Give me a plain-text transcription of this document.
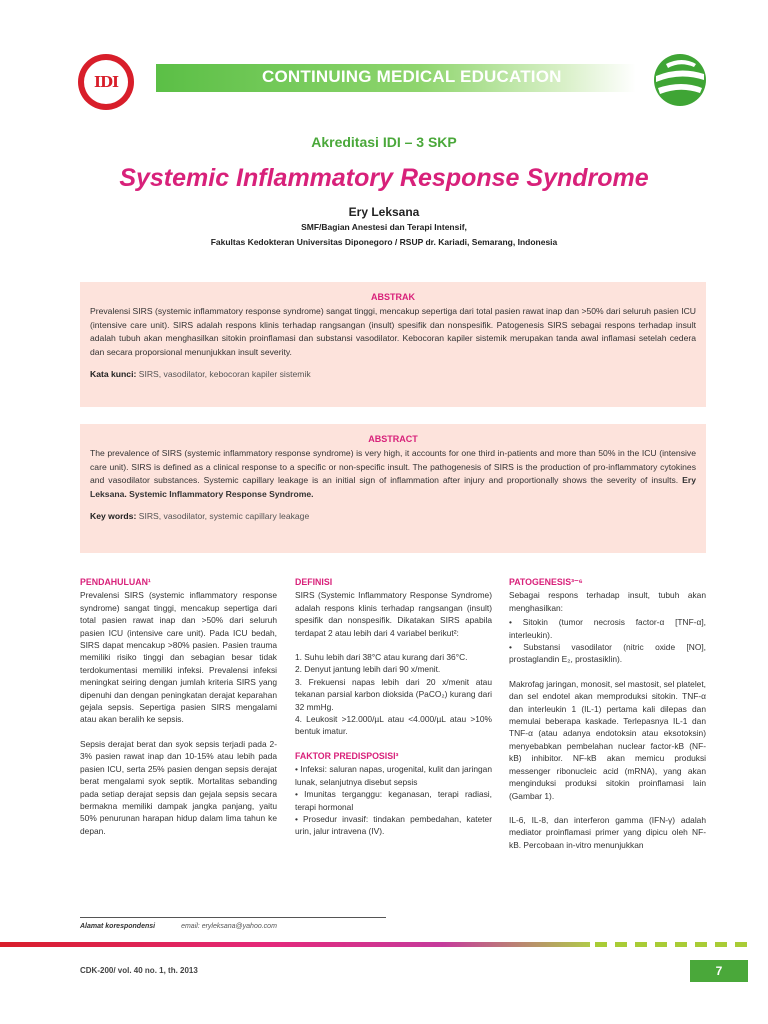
IDI	CONTINUING MEDICAL EDUCATION
Akreditasi IDI – 3 SKP
Systemic Inflammatory Response Syndrome
Ery Leksana
SMF/Bagian Anestesi dan Terapi Intensif,
Fakultas Kedokteran Universitas Diponegoro / RSUP dr. Kariadi, Semarang, Indonesia
ABSTRAK
Prevalensi SIRS (systemic inflammatory response syndrome) sangat tinggi, mencakup sepertiga dari total pasien rawat inap dan >50% dari seluruh pasien ICU (intensive care unit). SIRS adalah respons klinis terhadap rangsangan (insult) spesifik dan nonspesifik. Patogenesis SIRS sebagai respons terhadap insult adalah tubuh akan menghasilkan sitokin proinflamasi dan substansi vasodilator. Kebocoran kapiler sistemik merupakan tanda awal inflamasi setelah cedera dan secara proporsional menunjukkan insult severity.
Kata kunci: SIRS, vasodilator, kebocoran kapiler sistemik
ABSTRACT
The prevalence of SIRS (systemic inflammatory response syndrome) is very high, it accounts for one third in-patients and more than 50% in the ICU (intensive care unit). SIRS is defined as a clinical response to a specific or non-specific insult. The pathogenesis of SIRS is the production of pro-inflammatory cytokines and vasodilator substances. Systemic capillary leakage is an initial sign of inflammation after injury and proportionally shows the severity of insults. Ery Leksana. Systemic Inflammatory Response Syndrome.
Key words: SIRS, vasodilator, systemic capillary leakage
PENDAHULUAN¹

Prevalensi SIRS (systemic inflammatory response syndrome) sangat tinggi, mencakup sepertiga dari total pasien rawat inap dan >50% dari seluruh pasien ICU (intensive care unit). Pada ICU bedah, SIRS dapat mencakup >80% pasien. Pasien trauma memiliki risiko tinggi dan sebagian besar tidak terdokumentasi memiliki infeksi. Prevalensi infeksi meningkat seiring dengan jumlah kriteria SIRS yang dipenuhi dan dengan peningkatan derajat keparahan gejala sepsis. Sepertiga pasien SIRS mengalami atau akan beralih ke sepsis.

Sepsis derajat berat dan syok sepsis terjadi pada 2-3% pasien rawat inap dan 10-15% atau lebih pada pasien ICU, serta 25% pasien dengan sepsis derajat berat mengalami syok septik. Mortalitas sebanding pada setiap derajat sepsis dan gejala sepsis secara bermakna memiliki dampak jangka panjang, yaitu 50% penurunan harapan hidup dalam lima tahun ke depan.

DEFINISI

SIRS (Systemic Inflammatory Response Syndrome) adalah respons klinis terhadap rangsangan (insult) spesifik dan nonspesifik. Dikatakan SIRS apabila terdapat 2 atau lebih dari 4 variabel berikut²:

1. Suhu lebih dari 38°C atau kurang dari 36°C.
2. Denyut jantung lebih dari 90 x/menit.
3. Frekuensi napas lebih dari 20 x/menit atau tekanan parsial karbon dioksida (PaCO₂) kurang dari 32 mmHg.
4. Leukosit >12.000/µL atau <4.000/µL atau >10% bentuk imatur.
FAKTOR PREDISPOSISI³
• Infeksi: saluran napas, urogenital, kulit dan jaringan lunak, selanjutnya disebut sepsis
• Imunitas terganggu: keganasan, terapi radiasi, terapi hormonal
• Prosedur invasif: tindakan pembedahan, kateter urin, jalur intravena (IV).
PATOGENESIS³⁻⁶

Sebagai respons terhadap insult, tubuh akan menghasilkan:

• Sitokin (tumor necrosis factor-α [TNF-α], interleukin).
• Substansi vasodilator (nitric oxide [NO], prostaglandin E₂, prostasiklin).

Makrofag jaringan, monosit, sel mastosit, sel platelet, dan sel endotel akan memproduksi sitokin. TNF-α dan interleukin 1 (IL-1) pertama kali dilepas dan memulai beberapa kaskade. Terlepasnya IL-1 dan TNF-α (atau adanya endotoksin atau eksotoksin) menyebabkan pembelahan nuclear factor-kB (NF-kB) inhibitor. NF-kB akan memicu produksi messenger ribonucleic acid (mRNA), yang akan menginduksi produksi sitokin proinflamasi lain (Gambar 1).

IL-6, IL-8, dan interferon gamma (IFN-γ) adalah mediator proinflamasi primer yang dipicu oleh NF-kB. Percobaan in-vitro menunjukkan

Alamat korespondensi	email: eryleksana@yahoo.com
CDK-200/ vol. 40 no. 1, th. 2013	7
